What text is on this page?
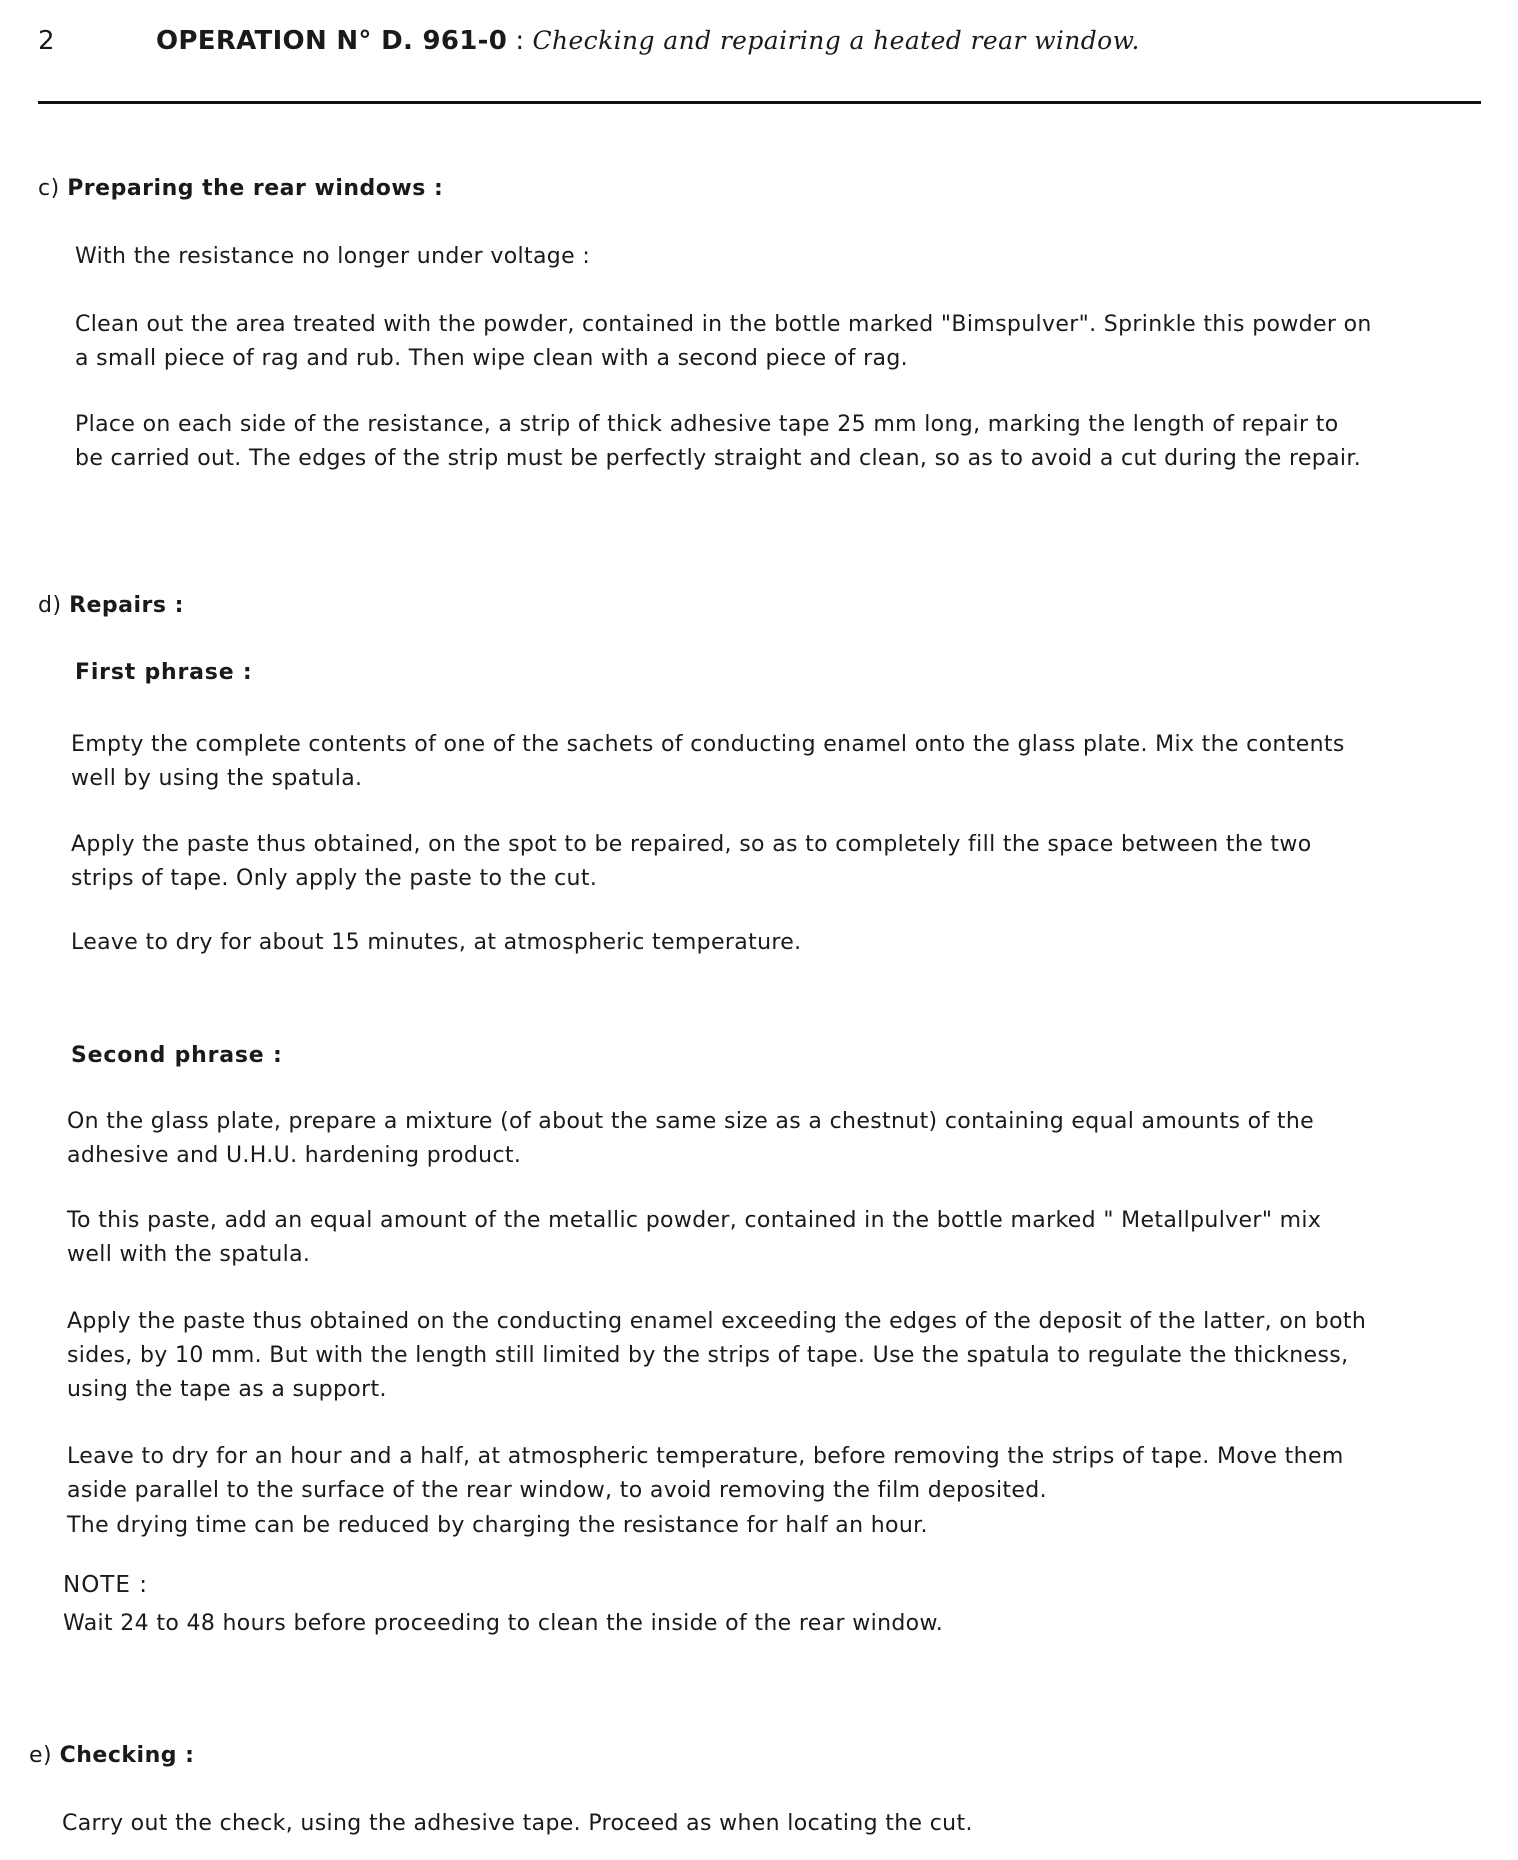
2	OPERATION N° D. 961-0 : Checking and repairing a heated rear window.
c) Preparing the rear windows :
With the resistance no longer under voltage :
Clean out the area treated with the powder, contained in the bottle marked "Bimspulver". Sprinkle this powder on
a small piece of rag and rub. Then wipe clean with a second piece of rag.
Place on each side of the resistance, a strip of thick adhesive tape 25 mm long, marking the length of repair to
be carried out. The edges of the strip must be perfectly straight and clean, so as to avoid a cut during the repair.
d) Repairs :
First phrase :
Empty the complete contents of one of the sachets of conducting enamel onto the glass plate. Mix the contents
well by using the spatula.
Apply the paste thus obtained, on the spot to be repaired, so as to completely fill the space between the two
strips of tape. Only apply the paste to the cut.
Leave to dry for about 15 minutes, at atmospheric temperature.
Second phrase :
On the glass plate, prepare a mixture (of about the same size as a chestnut) containing equal amounts of the
adhesive and U.H.U. hardening product.
To this paste, add an equal amount of the metallic powder, contained in the bottle marked " Metallpulver" mix
well with the spatula.
Apply the paste thus obtained on the conducting enamel exceeding the edges of the deposit of the latter, on both
sides, by 10 mm. But with the length still limited by the strips of tape. Use the spatula to regulate the thickness,
using the tape as a support.
Leave to dry for an hour and a half, at atmospheric temperature, before removing the strips of tape. Move them
aside parallel to the surface of the rear window, to avoid removing the film deposited.
The drying time can be reduced by charging the resistance for half an hour.
NOTE :
Wait 24 to 48 hours before proceeding to clean the inside of the rear window.
e) Checking :
Carry out the check, using the adhesive tape. Proceed as when locating the cut.
